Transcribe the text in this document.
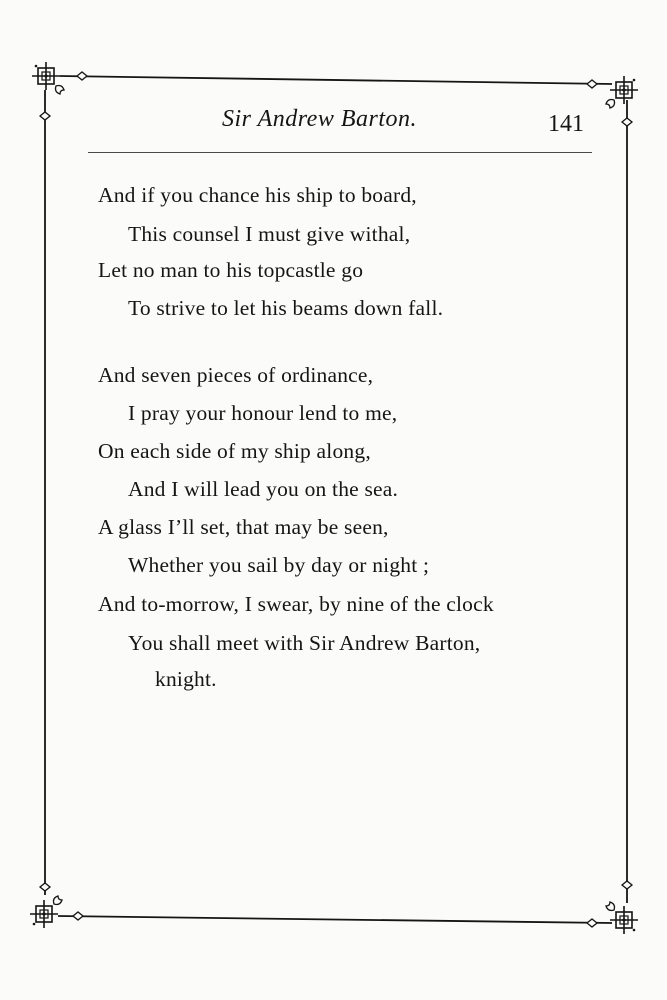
Sir Andrew Barton.	141
And if you chance his ship to board,
This counsel I must give withal,
Let no man to his topcastle go
To strive to let his beams down fall.
And seven pieces of ordinance,
I pray your honour lend to me,
On each side of my ship along,
And I will lead you on the sea.
A glass I’ll set, that may be seen,
Whether you sail by day or night ;
And to-morrow, I swear, by nine of the clock
You shall meet with Sir Andrew Barton,
knight.
